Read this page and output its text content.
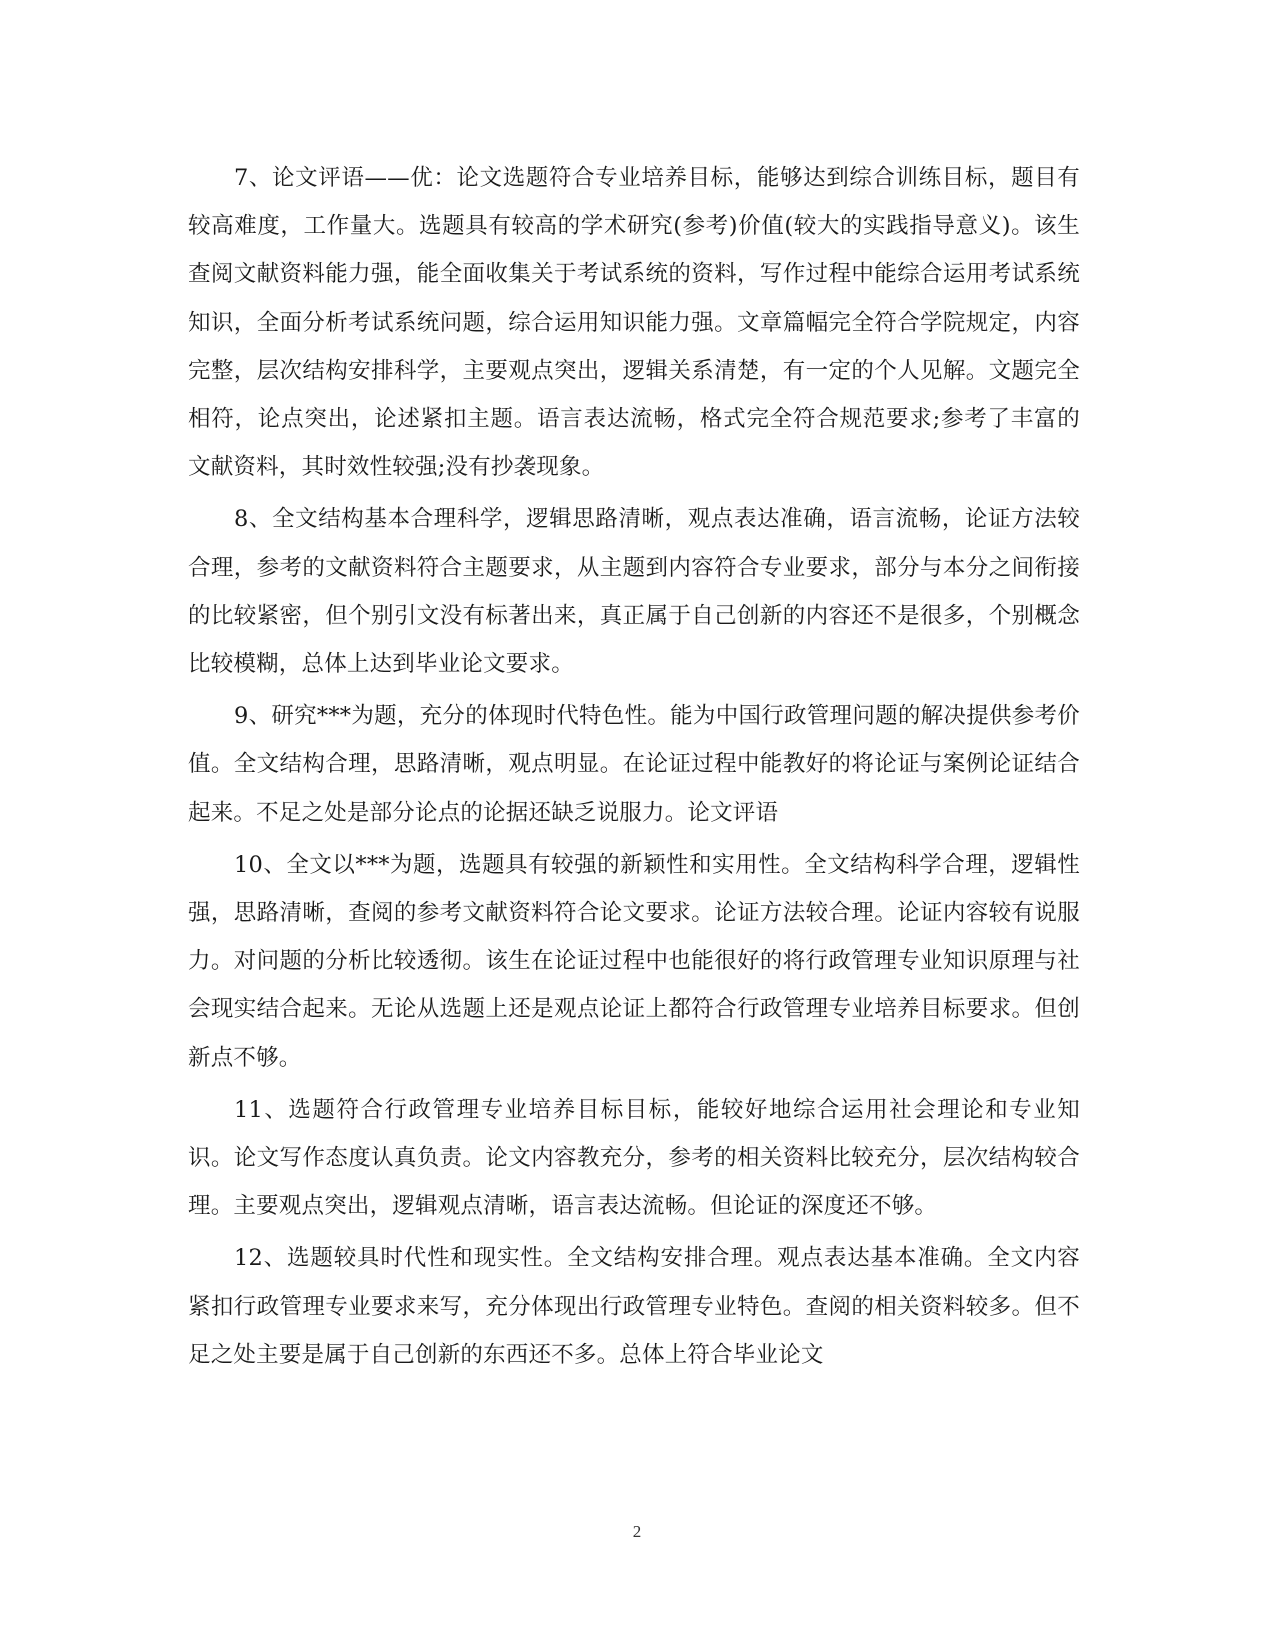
7、论文评语——优：论文选题符合专业培养目标，能够达到综合训练目标，题目有较高难度，工作量大。选题具有较高的学术研究(参考)价值(较大的实践指导意义)。该生查阅文献资料能力强，能全面收集关于考试系统的资料，写作过程中能综合运用考试系统知识，全面分析考试系统问题，综合运用知识能力强。文章篇幅完全符合学院规定，内容完整，层次结构安排科学，主要观点突出，逻辑关系清楚，有一定的个人见解。文题完全相符，论点突出，论述紧扣主题。语言表达流畅，格式完全符合规范要求;参考了丰富的文献资料，其时效性较强;没有抄袭现象。

8、全文结构基本合理科学，逻辑思路清晰，观点表达准确，语言流畅，论证方法较合理，参考的文献资料符合主题要求，从主题到内容符合专业要求，部分与本分之间衔接的比较紧密，但个别引文没有标著出来，真正属于自己创新的内容还不是很多，个别概念比较模糊，总体上达到毕业论文要求。

9、研究***为题，充分的体现时代特色性。能为中国行政管理问题的解决提供参考价值。全文结构合理，思路清晰，观点明显。在论证过程中能教好的将论证与案例论证结合起来。不足之处是部分论点的论据还缺乏说服力。论文评语

10、全文以***为题，选题具有较强的新颖性和实用性。全文结构科学合理，逻辑性强，思路清晰，查阅的参考文献资料符合论文要求。论证方法较合理。论证内容较有说服力。对问题的分析比较透彻。该生在论证过程中也能很好的将行政管理专业知识原理与社会现实结合起来。无论从选题上还是观点论证上都符合行政管理专业培养目标要求。但创新点不够。

11、选题符合行政管理专业培养目标目标，能较好地综合运用社会理论和专业知识。论文写作态度认真负责。论文内容教充分，参考的相关资料比较充分，层次结构较合理。主要观点突出，逻辑观点清晰，语言表达流畅。但论证的深度还不够。

12、选题较具时代性和现实性。全文结构安排合理。观点表达基本准确。全文内容紧扣行政管理专业要求来写，充分体现出行政管理专业特色。查阅的相关资料较多。但不足之处主要是属于自己创新的东西还不多。总体上符合毕业论文

2
